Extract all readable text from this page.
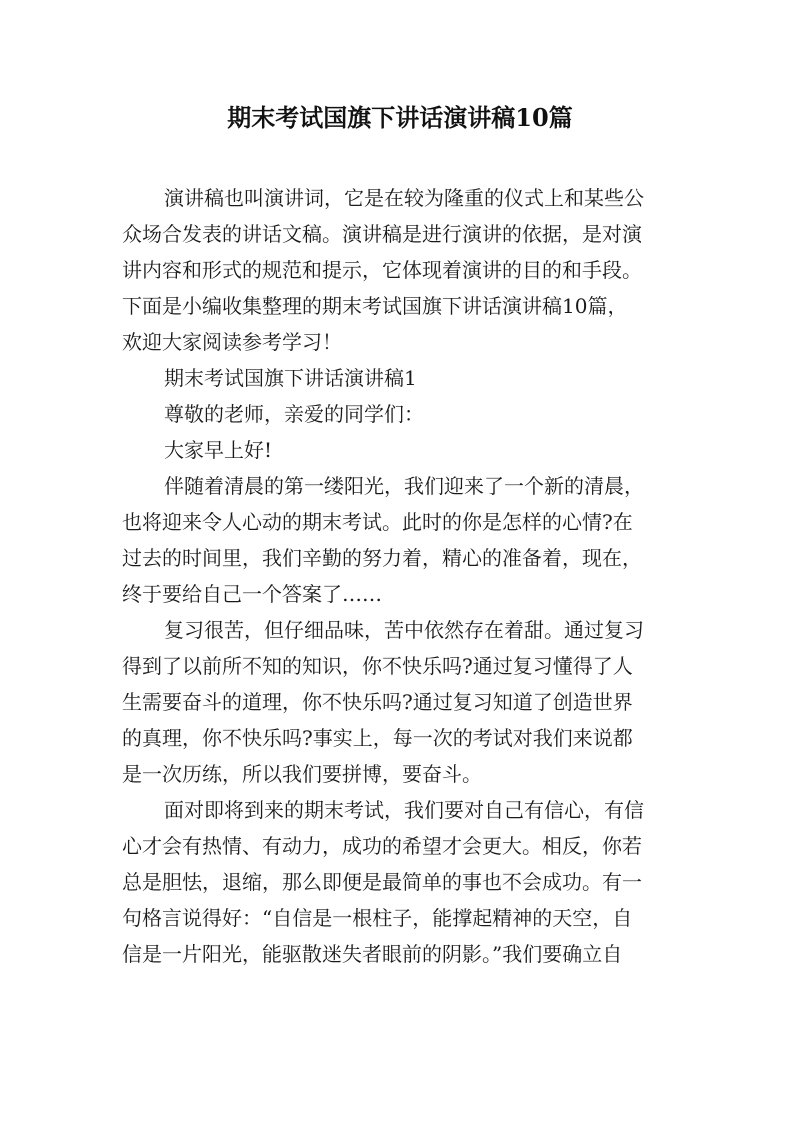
期末考试国旗下讲话演讲稿10篇

演讲稿也叫演讲词，它是在较为隆重的仪式上和某些公
众场合发表的讲话文稿。演讲稿是进行演讲的依据，是对演
讲内容和形式的规范和提示，它体现着演讲的目的和手段。
下面是小编收集整理的期末考试国旗下讲话演讲稿10篇，
欢迎大家阅读参考学习！

期末考试国旗下讲话演讲稿1

尊敬的老师，亲爱的同学们：

大家早上好!

伴随着清晨的第一缕阳光，我们迎来了一个新的清晨，
也将迎来令人心动的期末考试。此时的你是怎样的心情?在
过去的时间里，我们辛勤的努力着，精心的准备着，现在，
终于要给自己一个答案了……

复习很苦，但仔细品味，苦中依然存在着甜。通过复习
得到了以前所不知的知识，你不快乐吗?通过复习懂得了人
生需要奋斗的道理，你不快乐吗?通过复习知道了创造世界
的真理，你不快乐吗?事实上，每一次的考试对我们来说都
是一次历练，所以我们要拼博，要奋斗。

面对即将到来的期末考试，我们要对自己有信心，有信
心才会有热情、有动力，成功的希望才会更大。相反，你若
总是胆怯，退缩，那么即便是最简单的事也不会成功。有一
句格言说得好：“自信是一根柱子，能撑起精神的天空，自
信是一片阳光，能驱散迷失者眼前的阴影。”我们要确立自
